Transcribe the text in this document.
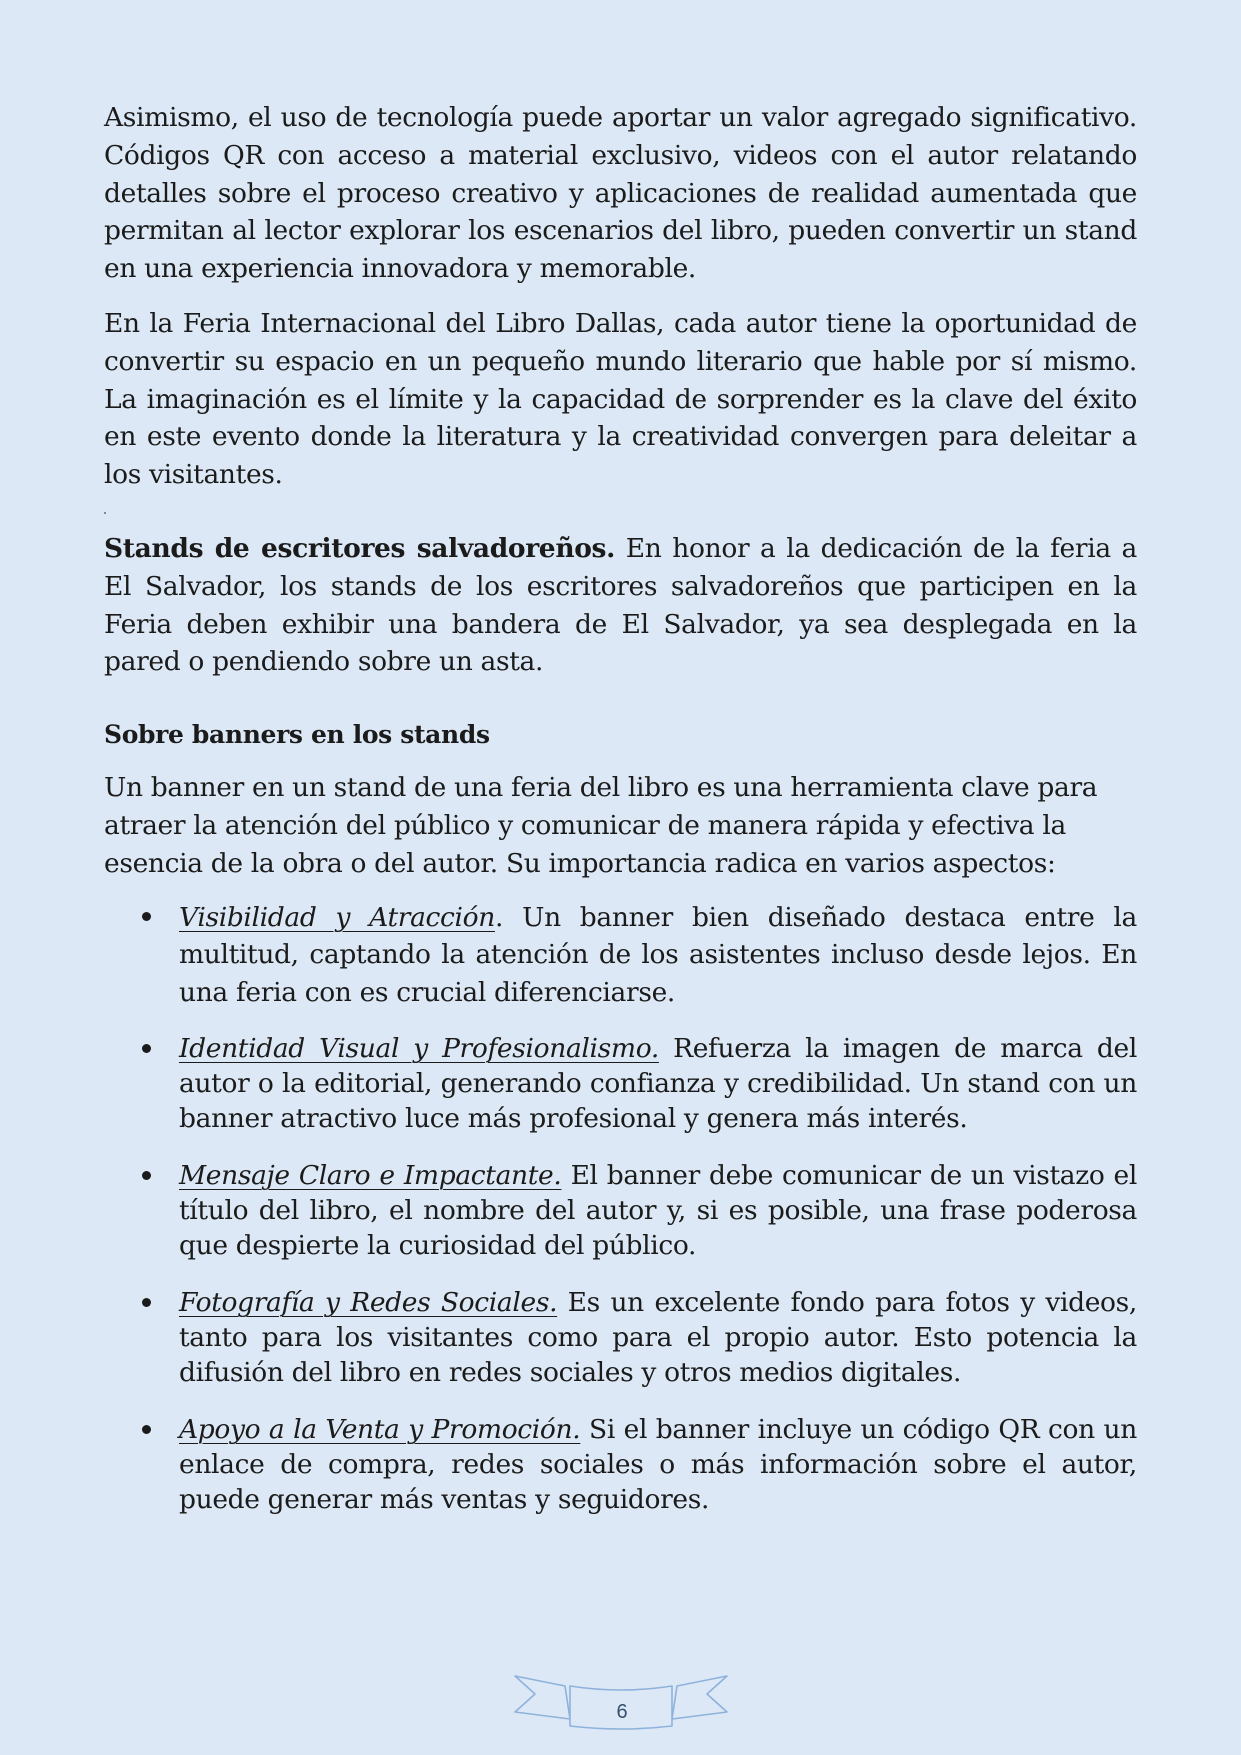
Asimismo, el uso de tecnología puede aportar un valor agregado significativo. Códigos QR con acceso a material exclusivo, videos con el autor relatando detalles sobre el proceso creativo y aplicaciones de realidad aumentada que permitan al lector explorar los escenarios del libro, pueden convertir un stand en una experiencia innovadora y memorable.

En la Feria Internacional del Libro Dallas, cada autor tiene la oportunidad de convertir su espacio en un pequeño mundo literario que hable por sí mismo. La imaginación es el límite y la capacidad de sorprender es la clave del éxito en este evento donde la literatura y la creatividad convergen para deleitar a los visitantes.

Stands de escritores salvadoreños. En honor a la dedicación de la feria a El Salvador, los stands de los escritores salvadoreños que participen en la Feria deben exhibir una bandera de El Salvador, ya sea desplegada en la pared o pendiendo sobre un asta.

Sobre banners en los stands

Un banner en un stand de una feria del libro es una herramienta clave para atraer la atención del público y comunicar de manera rápida y efectiva la esencia de la obra o del autor. Su importancia radica en varios aspectos:

Visibilidad y Atracción. Un banner bien diseñado destaca entre la multitud, captando la atención de los asistentes incluso desde lejos. En una feria con es crucial diferenciarse.
Identidad Visual y Profesionalismo. Refuerza la imagen de marca del autor o la editorial, generando confianza y credibilidad. Un stand con un banner atractivo luce más profesional y genera más interés.
Mensaje Claro e Impactante. El banner debe comunicar de un vistazo el título del libro, el nombre del autor y, si es posible, una frase poderosa que despierte la curiosidad del público.
Fotografía y Redes Sociales. Es un excelente fondo para fotos y videos, tanto para los visitantes como para el propio autor. Esto potencia la difusión del libro en redes sociales y otros medios digitales.
Apoyo a la Venta y Promoción. Si el banner incluye un código QR con un enlace de compra, redes sociales o más información sobre el autor, puede generar más ventas y seguidores.
6
